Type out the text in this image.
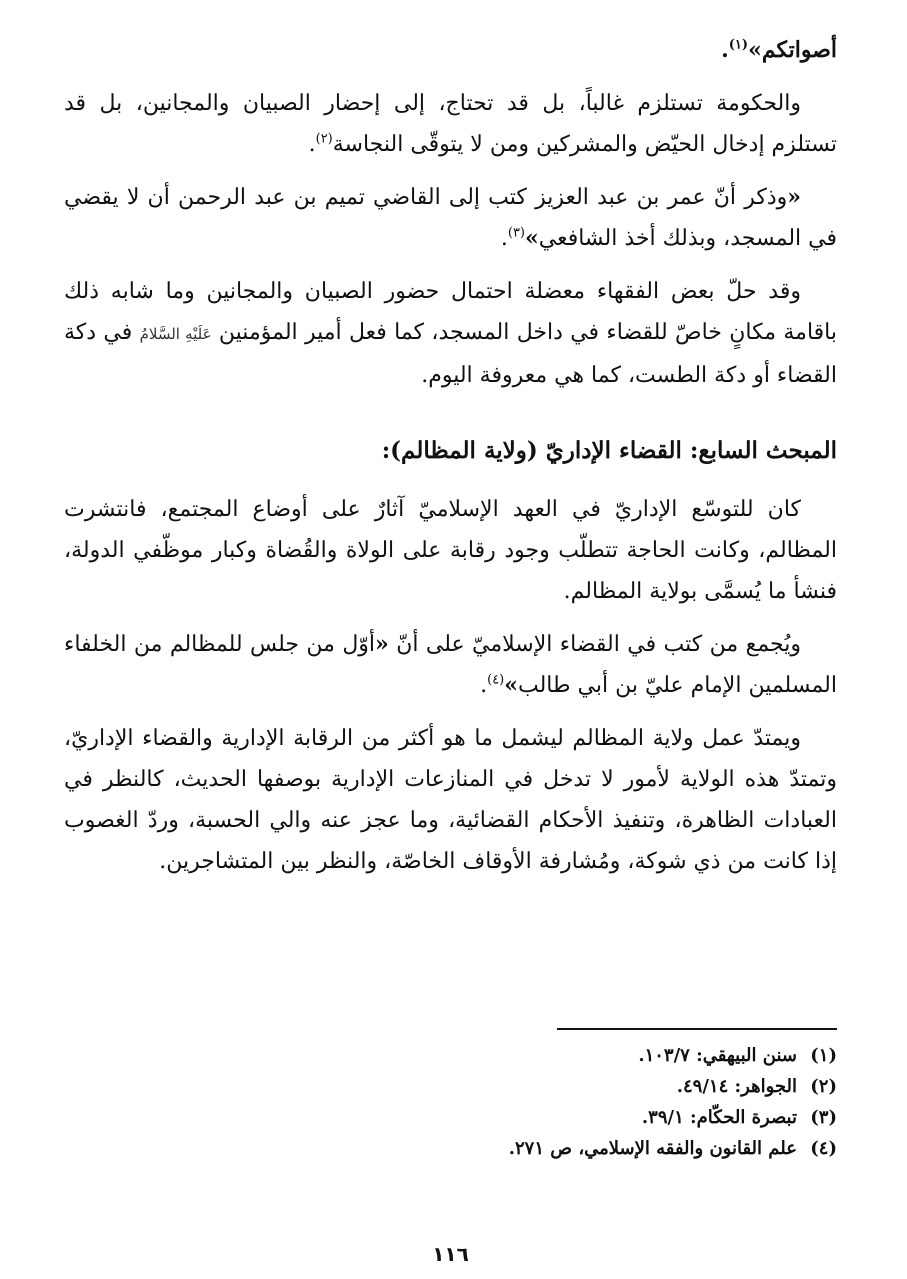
أصواتكم»$^{(١)}$.

والحكومة تستلزم غالباً، بل قد تحتاج، إلى إحضار الصبيان والمجانين، بل قد تستلزم إدخال الحيّض والمشركين ومن لا يتوقّى النجاسة$^{(٢)}$.

«وذكر أنّ عمر بن عبد العزيز كتب إلى القاضي تميم بن عبد الرحمن أن لا يقضي في المسجد، وبذلك أخذ الشافعي»$^{(٣)}$.

وقد حلّ بعض الفقهاء معضلة احتمال حضور الصبيان والمجانين وما شابه ذلك باقامة مكانٍ خاصّ للقضاء في داخل المسجد، كما فعل أمير المؤمنين عَلَيْهِ السَّلامُ في دكة القضاء أو دكة الطست، كما هي معروفة اليوم.

المبحث السابع: القضاء الإداريّ (ولاية المظالم):

كان للتوسّع الإداريّ في العهد الإسلاميّ آثارٌ على أوضاع المجتمع، فانتشرت المظالم، وكانت الحاجة تتطلّب وجود رقابة على الولاة والقُضاة وكبار موظّفي الدولة، فنشأ ما يُسمَّى بولاية المظالم.

ويُجمع من كتب في القضاء الإسلاميّ على أنّ «أوّل من جلس للمظالم من الخلفاء المسلمين الإمام عليّ بن أبي طالب»$^{(٤)}$.

ويمتدّ عمل ولاية المظالم ليشمل ما هو أكثر من الرقابة الإدارية والقضاء الإداريّ، وتمتدّ هذه الولاية لأمور لا تدخل في المنازعات الإدارية بوصفها الحديث، كالنظر في العبادات الظاهرة، وتنفيذ الأحكام القضائية، وما عجز عنه والي الحسبة، وردّ الغصوب إذا كانت من ذي شوكة، ومُشارفة الأوقاف الخاصّة، والنظر بين المتشاجرين.

(١)
سنن البيهقي: ١٠٣/٧.
(٢)
الجواهر: ٤٩/١٤.
(٣)
تبصرة الحكّام: ٣٩/١.
(٤)
علم القانون والفقه الإسلامي، ص ٢٧١.
١١٦
